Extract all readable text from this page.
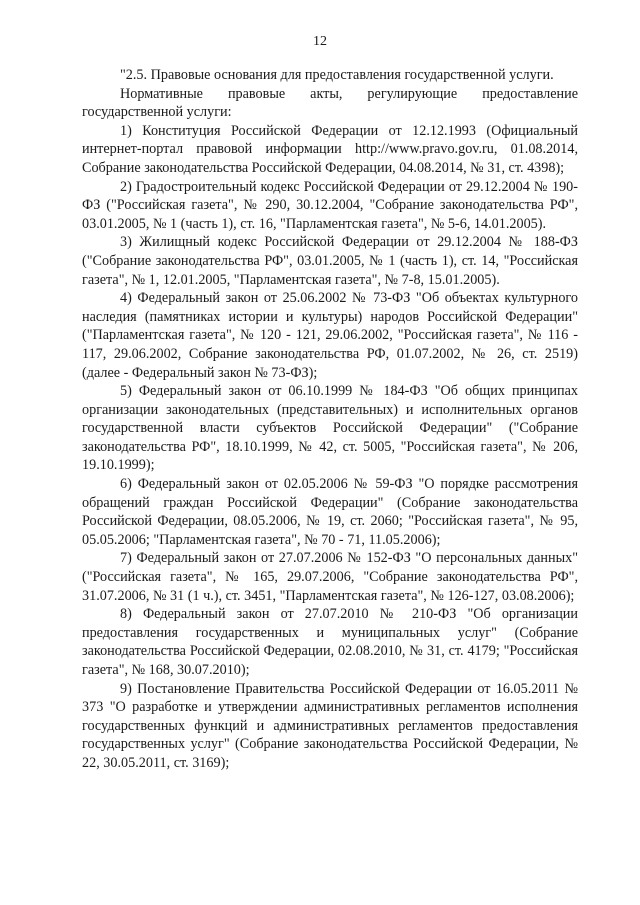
12

"2.5. Правовые основания для предоставления государственной услуги.

Нормативные правовые акты, регулирующие предоставление государственной услуги:

1) Конституция Российской Федерации от 12.12.1993 (Официальный интернет-портал правовой информации http://www.pravo.gov.ru, 01.08.2014, Собрание законодательства Российской Федерации, 04.08.2014, № 31, ст. 4398);

2) Градостроительный кодекс Российской Федерации от 29.12.2004 № 190-ФЗ ("Российская газета", № 290, 30.12.2004, "Собрание законодательства РФ", 03.01.2005, № 1 (часть 1), ст. 16, "Парламентская газета", № 5-6, 14.01.2005).

3) Жилищный кодекс Российской Федерации от 29.12.2004 № 188-ФЗ ("Собрание законодательства РФ", 03.01.2005, № 1 (часть 1), ст. 14, "Российская газета", № 1, 12.01.2005, "Парламентская газета", № 7-8, 15.01.2005).

4) Федеральный закон от 25.06.2002 № 73-ФЗ "Об объектах культурного наследия (памятниках истории и культуры) народов Российской Федерации" ("Парламентская газета", № 120 - 121, 29.06.2002, "Российская газета", № 116 - 117, 29.06.2002, Собрание законодательства РФ, 01.07.2002, № 26, ст. 2519) (далее - Федеральный закон № 73-ФЗ);

5) Федеральный закон от 06.10.1999 № 184-ФЗ "Об общих принципах организации законодательных (представительных) и исполнительных органов государственной власти субъектов Российской Федерации" ("Собрание законодательства РФ", 18.10.1999, № 42, ст. 5005, "Российская газета", № 206, 19.10.1999);

6) Федеральный закон от 02.05.2006 № 59-ФЗ "О порядке рассмотрения обращений граждан Российской Федерации" (Собрание законодательства Российской Федерации, 08.05.2006, № 19, ст. 2060; "Российская газета", № 95, 05.05.2006; "Парламентская газета", № 70 - 71, 11.05.2006);

7) Федеральный закон от 27.07.2006 № 152-ФЗ "О персональных данных" ("Российская газета", № 165, 29.07.2006, "Собрание законодательства РФ", 31.07.2006, № 31 (1 ч.), ст. 3451, "Парламентская газета", № 126-127, 03.08.2006);

8) Федеральный закон от 27.07.2010 № 210-ФЗ "Об организации предоставления государственных и муниципальных услуг" (Собрание законодательства Российской Федерации, 02.08.2010, № 31, ст. 4179; "Российская газета", № 168, 30.07.2010);

9) Постановление Правительства Российской Федерации от 16.05.2011 № 373 "О разработке и утверждении административных регламентов исполнения государственных функций и административных регламентов предоставления государственных услуг" (Собрание законодательства Российской Федерации, № 22, 30.05.2011, ст. 3169);
